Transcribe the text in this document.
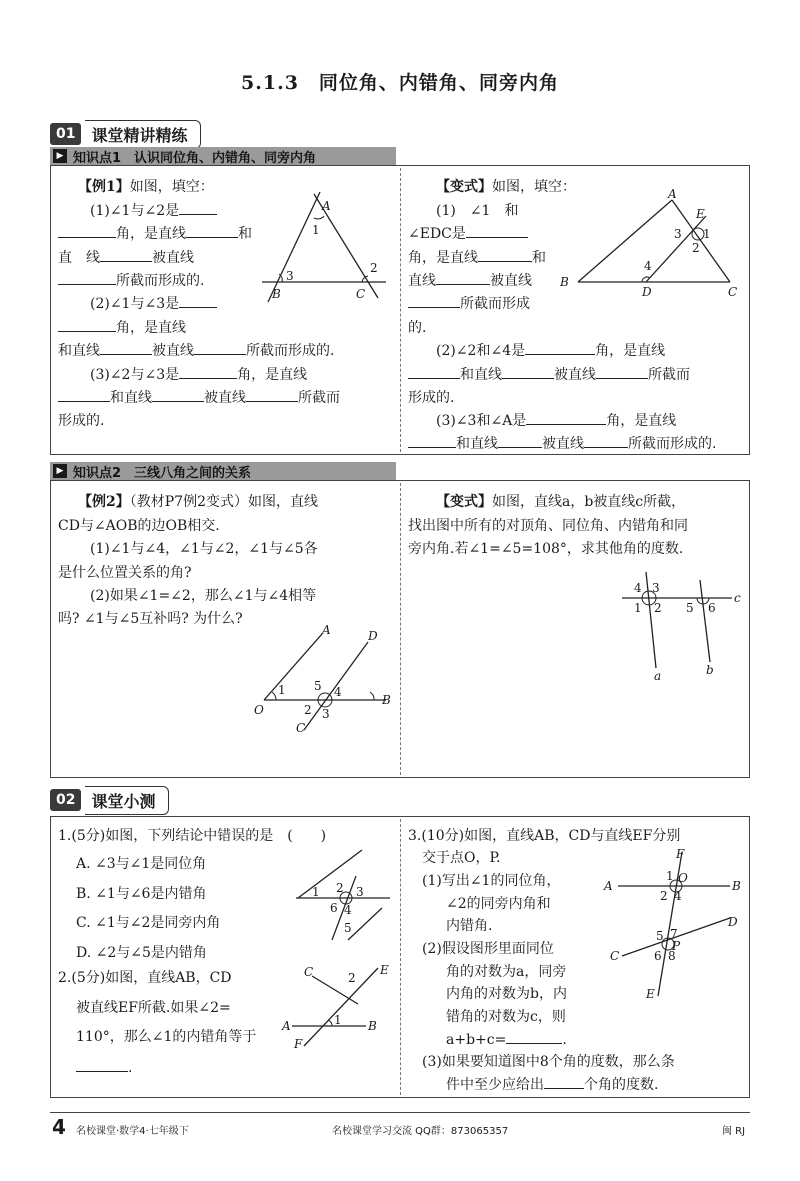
5.1.3　同位角、内错角、同旁内角
01	课堂精讲精练
▶ 知识点1　认识同位角、内错角、同旁内角
【例1】如图，填空：
(1)∠1与∠2是
角，是直线	和
直　线	被直线
所截而形成的.
(2)∠1与∠3是
角，是直线
和直线	被直线	所截而形成的.
(3)∠2与∠3是	角，是直线
和直线	被直线	所截而
形成的.
A
1
3
2
B	C
【变式】如图，填空：
(1)　∠1　和
∠EDC是
角，是直线	和
直线	被直线
所截而形成
的.
(2)∠2和∠4是	角，是直线
和直线	被直线	所截而
形成的.
(3)∠3和∠A是	角，是直线
和直线	被直线	所截而形成的.
A
E
3 1
2
4
B
D	C
▶ 知识点2　三线八角之间的关系
【例2】（教材P7例2变式）如图，直线
CD与∠AOB的边OB相交.
(1)∠1与∠4，∠1与∠2，∠1与∠5各
是什么位置关系的角?
(2)如果∠1=∠2，那么∠1与∠4相等
吗? ∠1与∠5互补吗? 为什么?
A	D
1 5 4
2 3
O
B
C
【变式】如图，直线a，b被直线c所截，
找出图中所有的对顶角、同位角、内错角和同
旁内角.若∠1=∠5=108°，求其他角的度数.
4 3
1 2 5 6
c
a	b
02	课堂小测
1.(5分)如图，下列结论中错误的是　(　　)
A. ∠3与∠1是同位角
B. ∠1与∠6是内错角
C. ∠1与∠2是同旁内角
D. ∠2与∠5是内错角
1 2 3
6 4
5
2.(5分)如图，直线AB，CD
被直线EF所截.如果∠2=
110°，那么∠1的内错角等于
.
C	2
E
A	1 B
F
3.(10分)如图，直线AB，CD与直线EF分别
交于点O，P.
(1)写出∠1的同位角，
∠2的同旁内角和
内错角.
(2)假设图形里面同位
角的对数为a，同旁
内角的对数为b，内
错角的对数为c，则
a+b+c=	.
(3)如果要知道图中8个角的度数，那么条
件中至少应给出	个角的度数.
F
A	B
1
2 4
O
7
5
P
6 8
D
C
E
4 名校课堂·数学4·七年级下	名校课堂学习交流 QQ群：873065357	闽 RJ
